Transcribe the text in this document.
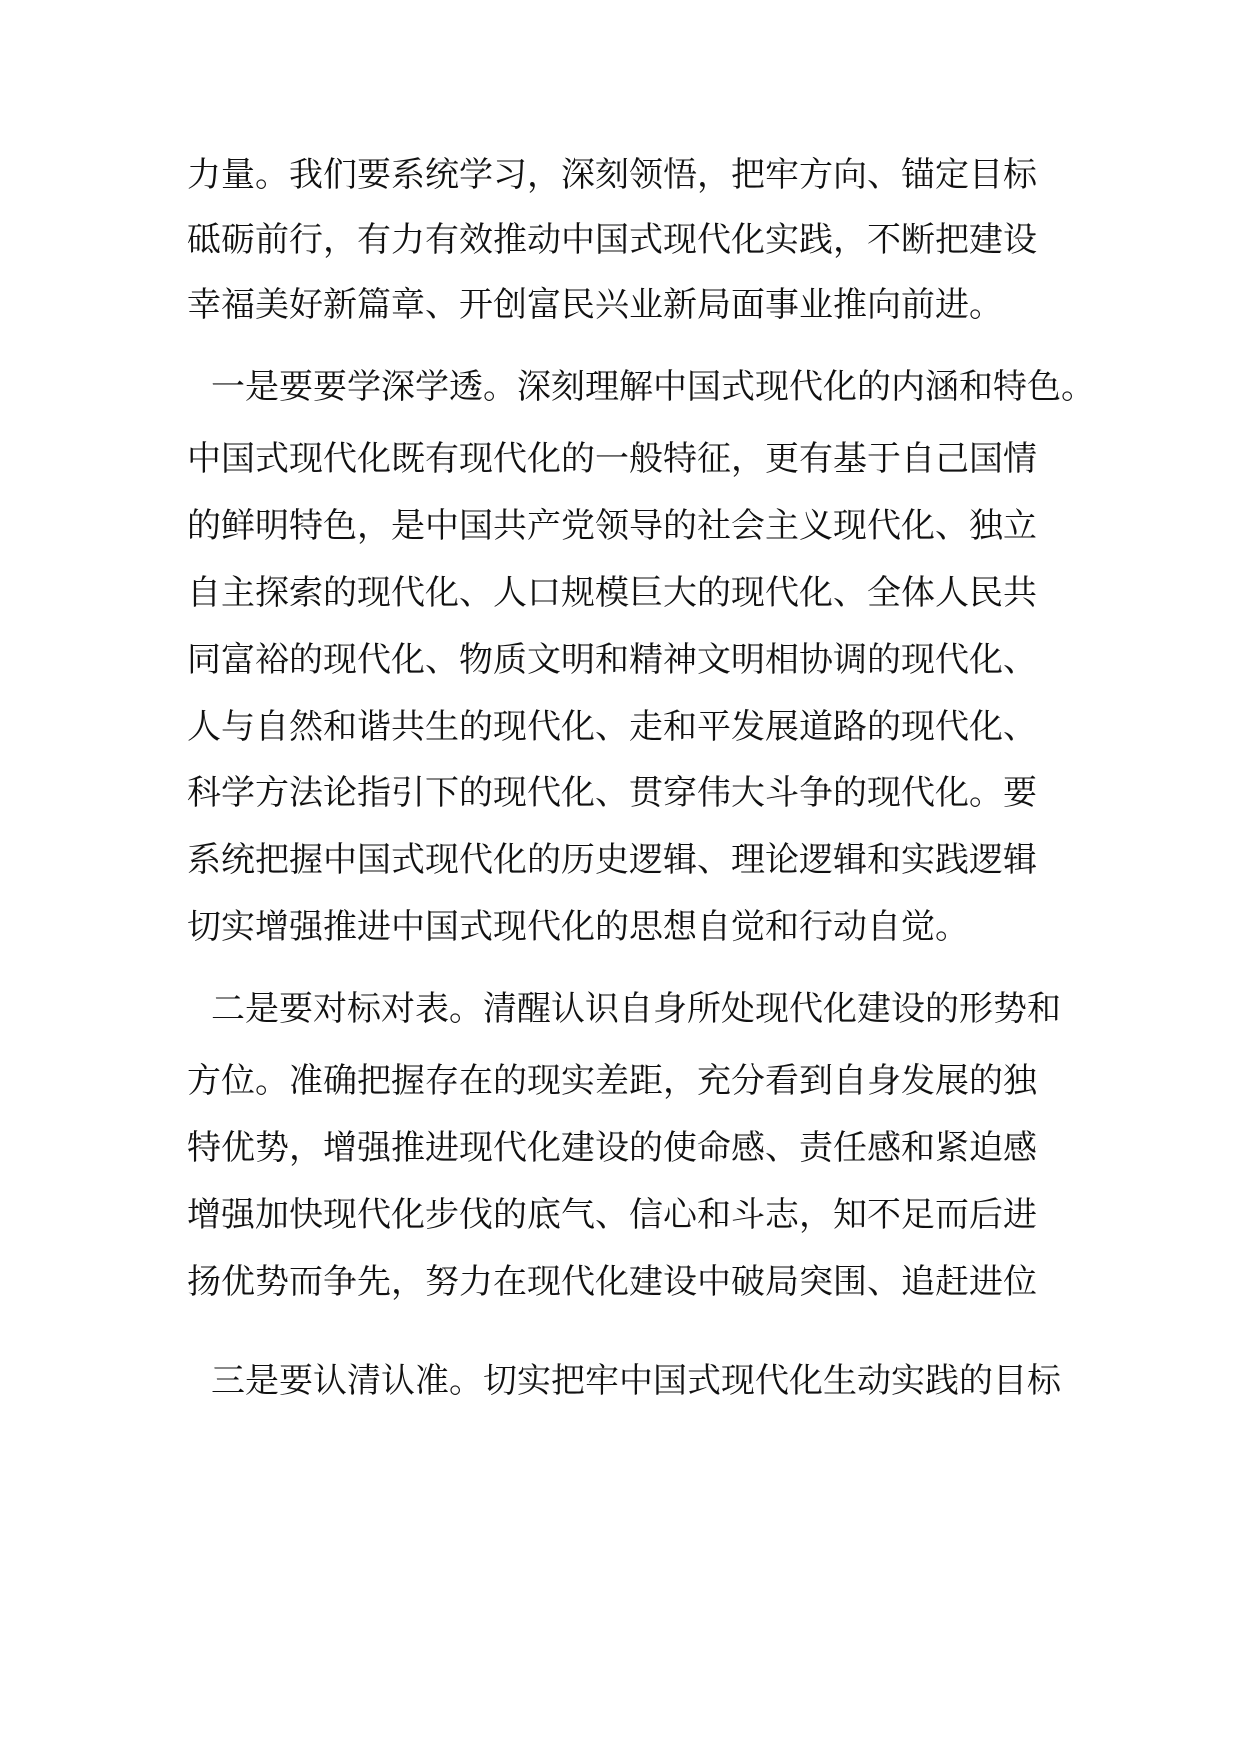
力量。我们要系统学习，深刻领悟，把牢方向、锚定目标
砥砺前行，有力有效推动中国式现代化实践，不断把建设
幸福美好新篇章、开创富民兴业新局面事业推向前进。
一是要要学深学透。深刻理解中国式现代化的内涵和特色。
中国式现代化既有现代化的一般特征，更有基于自己国情
的鲜明特色，是中国共产党领导的社会主义现代化、独立
自主探索的现代化、人口规模巨大的现代化、全体人民共
同富裕的现代化、物质文明和精神文明相协调的现代化、
人与自然和谐共生的现代化、走和平发展道路的现代化、
科学方法论指引下的现代化、贯穿伟大斗争的现代化。要
系统把握中国式现代化的历史逻辑、理论逻辑和实践逻辑
切实增强推进中国式现代化的思想自觉和行动自觉。
二是要对标对表。清醒认识自身所处现代化建设的形势和
方位。准确把握存在的现实差距，充分看到自身发展的独
特优势，增强推进现代化建设的使命感、责任感和紧迫感
增强加快现代化步伐的底气、信心和斗志，知不足而后进
扬优势而争先，努力在现代化建设中破局突围、追赶进位
三是要认清认准。切实把牢中国式现代化生动实践的目标
